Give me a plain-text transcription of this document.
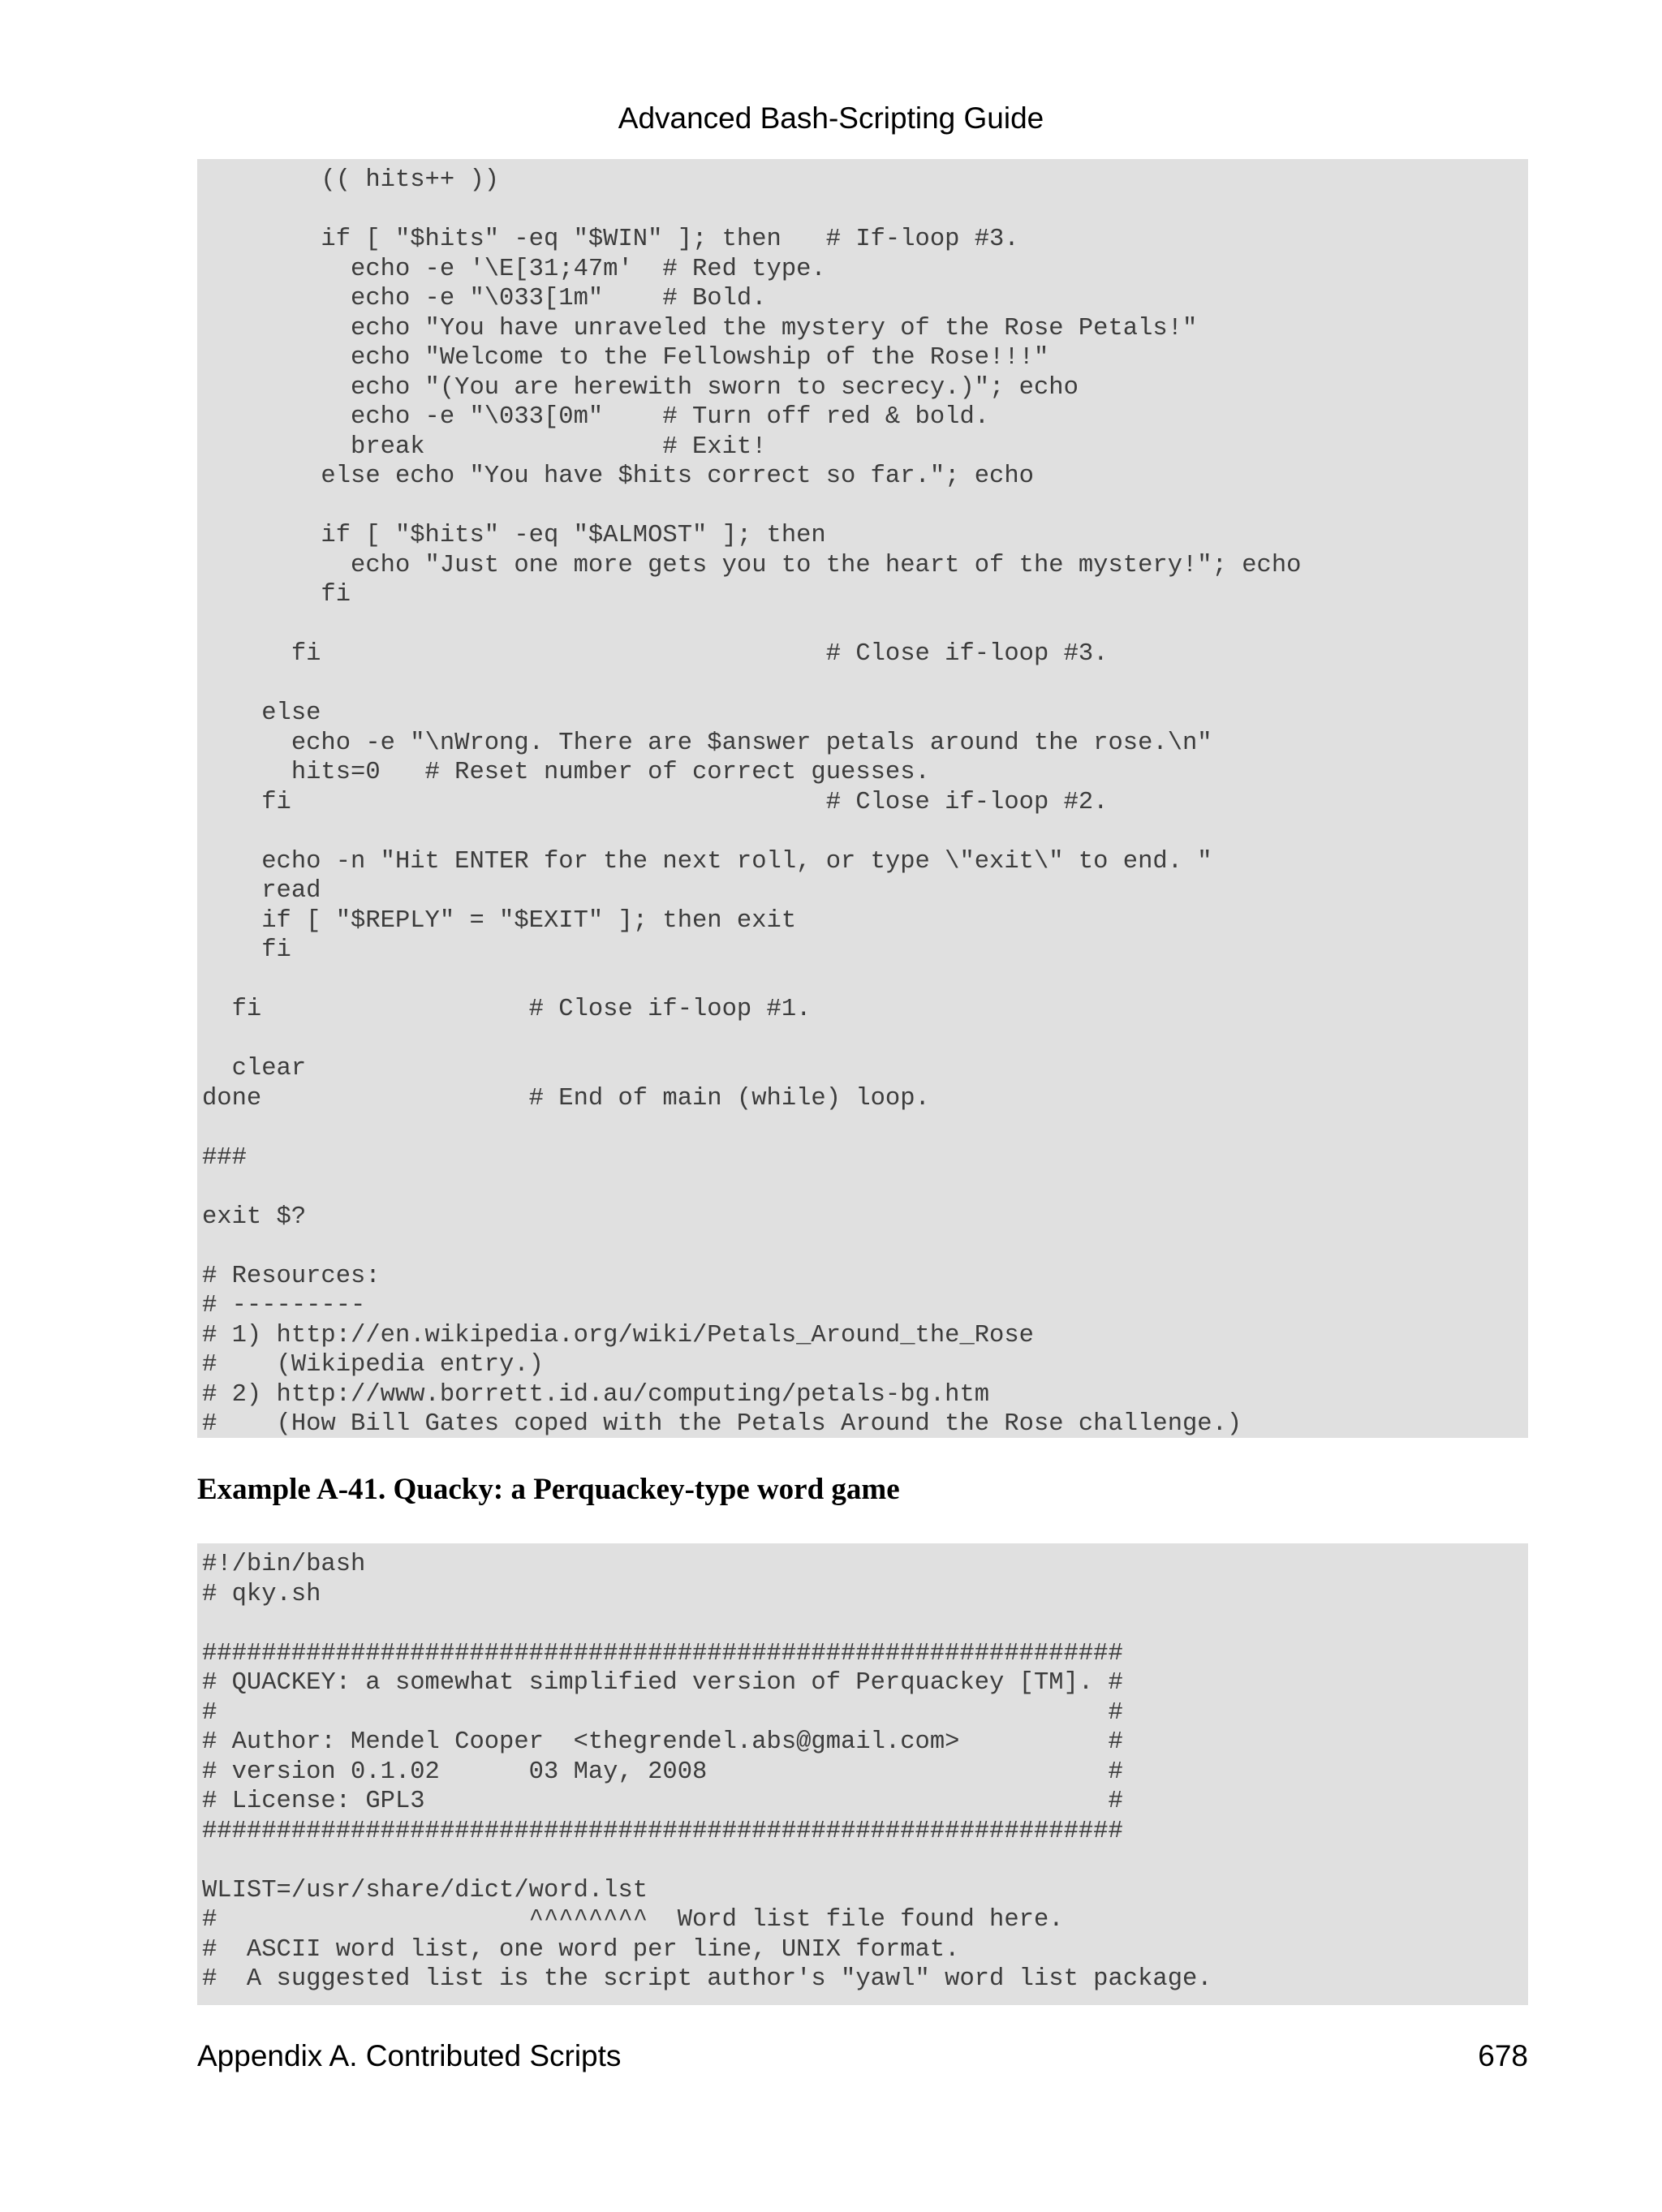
Advanced Bash-Scripting Guide
(( hits++ ))

if [ "$hits" -eq "$WIN" ]; then   # If-loop #3.
echo -e '\E[31;47m'  # Red type.
echo -e "\033[1m"    # Bold.
echo "You have unraveled the mystery of the Rose Petals!"
echo "Welcome to the Fellowship of the Rose!!!"
echo "(You are herewith sworn to secrecy.)"; echo
echo -e "\033[0m"    # Turn off red & bold.
break                # Exit!
else echo "You have $hits correct so far."; echo

if [ "$hits" -eq "$ALMOST" ]; then
echo "Just one more gets you to the heart of the mystery!"; echo
fi

fi                                  # Close if-loop #3.

else
echo -e "\nWrong. There are $answer petals around the rose.\n"
hits=0   # Reset number of correct guesses.
fi                                    # Close if-loop #2.

echo -n "Hit ENTER for the next roll, or type \"exit\" to end. "
read
if [ "$REPLY" = "$EXIT" ]; then exit
fi

fi                  # Close if-loop #1.

clear
done                  # End of main (while) loop.

###

exit $?

# Resources:
# ---------
# 1) http://en.wikipedia.org/wiki/Petals_Around_the_Rose
#    (Wikipedia entry.)
# 2) http://www.borrett.id.au/computing/petals-bg.htm
#    (How Bill Gates coped with the Petals Around the Rose challenge.)
Example A-41. Quacky: a Perquackey-type word game
#!/bin/bash
# qky.sh

##############################################################
# QUACKEY: a somewhat simplified version of Perquackey [TM]. #
#                                                            #
# Author: Mendel Cooper  <thegrendel.abs@gmail.com>          #
# version 0.1.02      03 May, 2008                           #
# License: GPL3                                              #
##############################################################

WLIST=/usr/share/dict/word.lst
#                     ^^^^^^^^  Word list file found here.
#  ASCII word list, one word per line, UNIX format.
#  A suggested list is the script author's "yawl" word list package.
Appendix A. Contributed Scripts	678
